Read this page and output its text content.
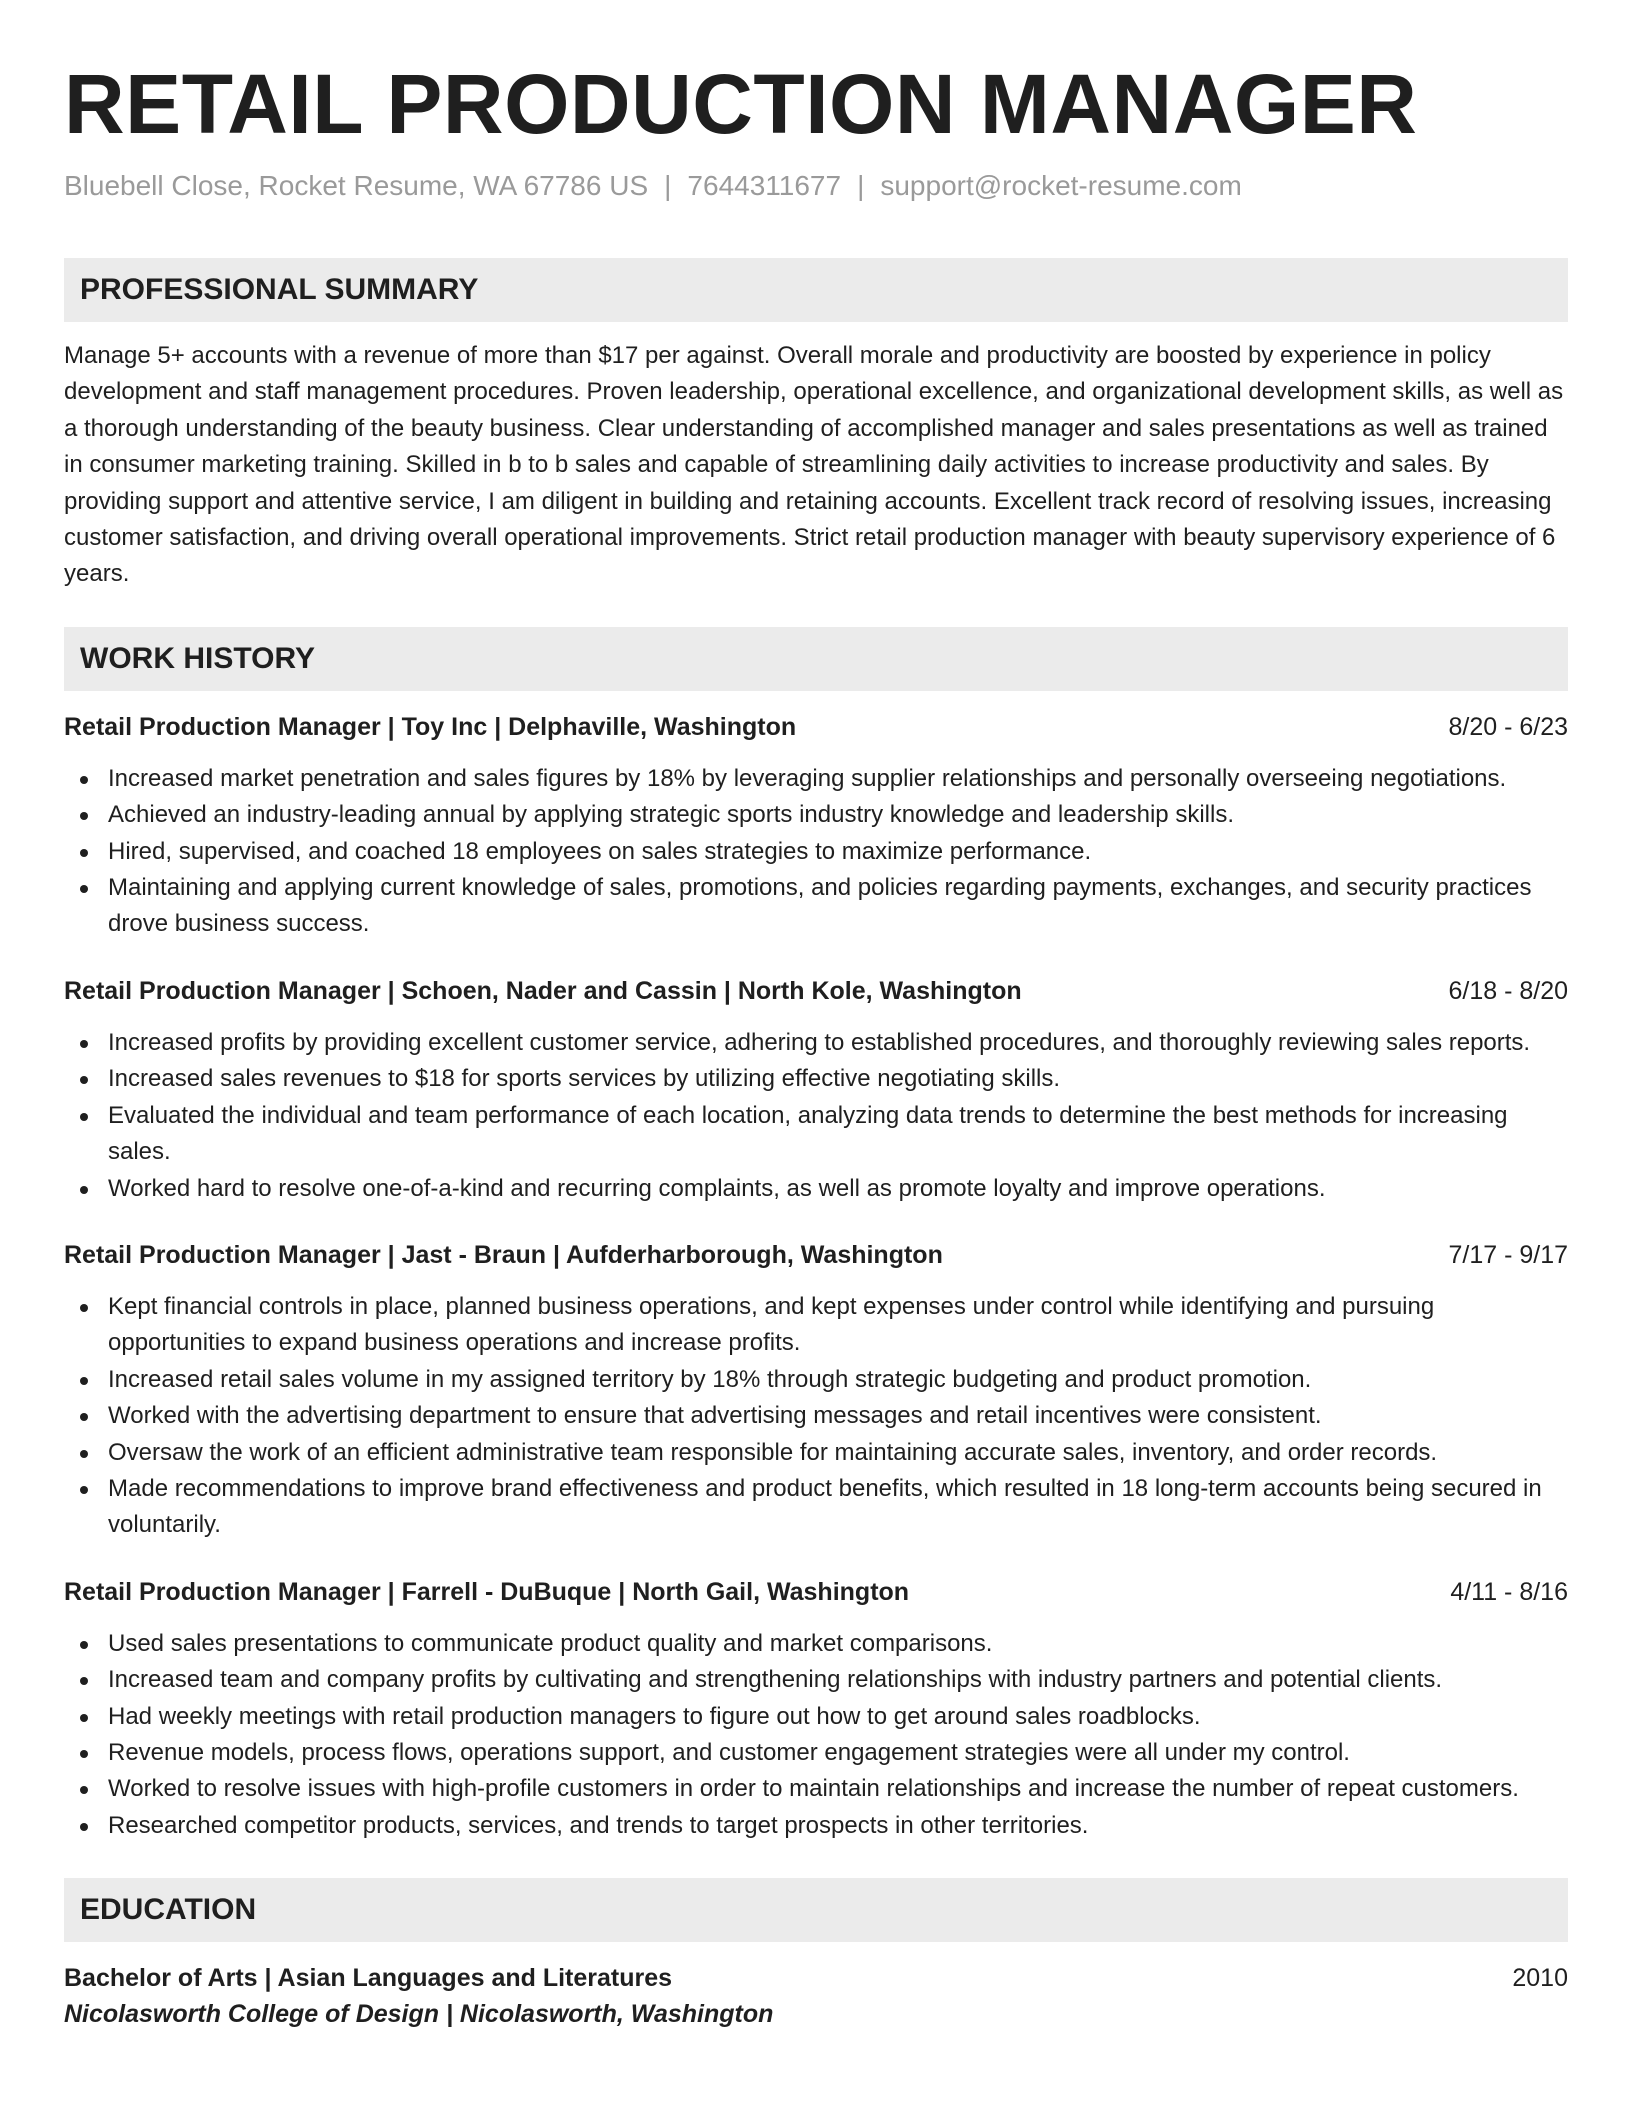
RETAIL PRODUCTION MANAGER
Bluebell Close, Rocket Resume, WA 67786 US | 7644311677 | support@rocket-resume.com
PROFESSIONAL SUMMARY

Manage 5+ accounts with a revenue of more than $17 per against. Overall morale and productivity are boosted by experience in policy development and staff management procedures. Proven leadership, operational excellence, and organizational development skills, as well as a thorough understanding of the beauty business. Clear understanding of accomplished manager and sales presentations as well as trained in consumer marketing training. Skilled in b to b sales and capable of streamlining daily activities to increase productivity and sales. By providing support and attentive service, I am diligent in building and retaining accounts. Excellent track record of resolving issues, increasing customer satisfaction, and driving overall operational improvements. Strict retail production manager with beauty supervisory experience of 6 years.

WORK HISTORY
Retail Production Manager | Toy Inc | Delphaville, Washington	8/20 - 6/23
Increased market penetration and sales figures by 18% by leveraging supplier relationships and personally overseeing negotiations.
Achieved an industry-leading annual by applying strategic sports industry knowledge and leadership skills.
Hired, supervised, and coached 18 employees on sales strategies to maximize performance.
Maintaining and applying current knowledge of sales, promotions, and policies regarding payments, exchanges, and security practices drove business success.
Retail Production Manager | Schoen, Nader and Cassin | North Kole, Washington	6/18 - 8/20
Increased profits by providing excellent customer service, adhering to established procedures, and thoroughly reviewing sales reports.
Increased sales revenues to $18 for sports services by utilizing effective negotiating skills.
Evaluated the individual and team performance of each location, analyzing data trends to determine the best methods for increasing sales.
Worked hard to resolve one-of-a-kind and recurring complaints, as well as promote loyalty and improve operations.
Retail Production Manager | Jast - Braun | Aufderharborough, Washington	7/17 - 9/17
Kept financial controls in place, planned business operations, and kept expenses under control while identifying and pursuing opportunities to expand business operations and increase profits.
Increased retail sales volume in my assigned territory by 18% through strategic budgeting and product promotion.
Worked with the advertising department to ensure that advertising messages and retail incentives were consistent.
Oversaw the work of an efficient administrative team responsible for maintaining accurate sales, inventory, and order records.
Made recommendations to improve brand effectiveness and product benefits, which resulted in 18 long-term accounts being secured in voluntarily.
Retail Production Manager | Farrell - DuBuque | North Gail, Washington	4/11 - 8/16
Used sales presentations to communicate product quality and market comparisons.
Increased team and company profits by cultivating and strengthening relationships with industry partners and potential clients.
Had weekly meetings with retail production managers to figure out how to get around sales roadblocks.
Revenue models, process flows, operations support, and customer engagement strategies were all under my control.
Worked to resolve issues with high-profile customers in order to maintain relationships and increase the number of repeat customers.
Researched competitor products, services, and trends to target prospects in other territories.
EDUCATION
Bachelor of Arts | Asian Languages and Literatures	2010
Nicolasworth College of Design | Nicolasworth, Washington
